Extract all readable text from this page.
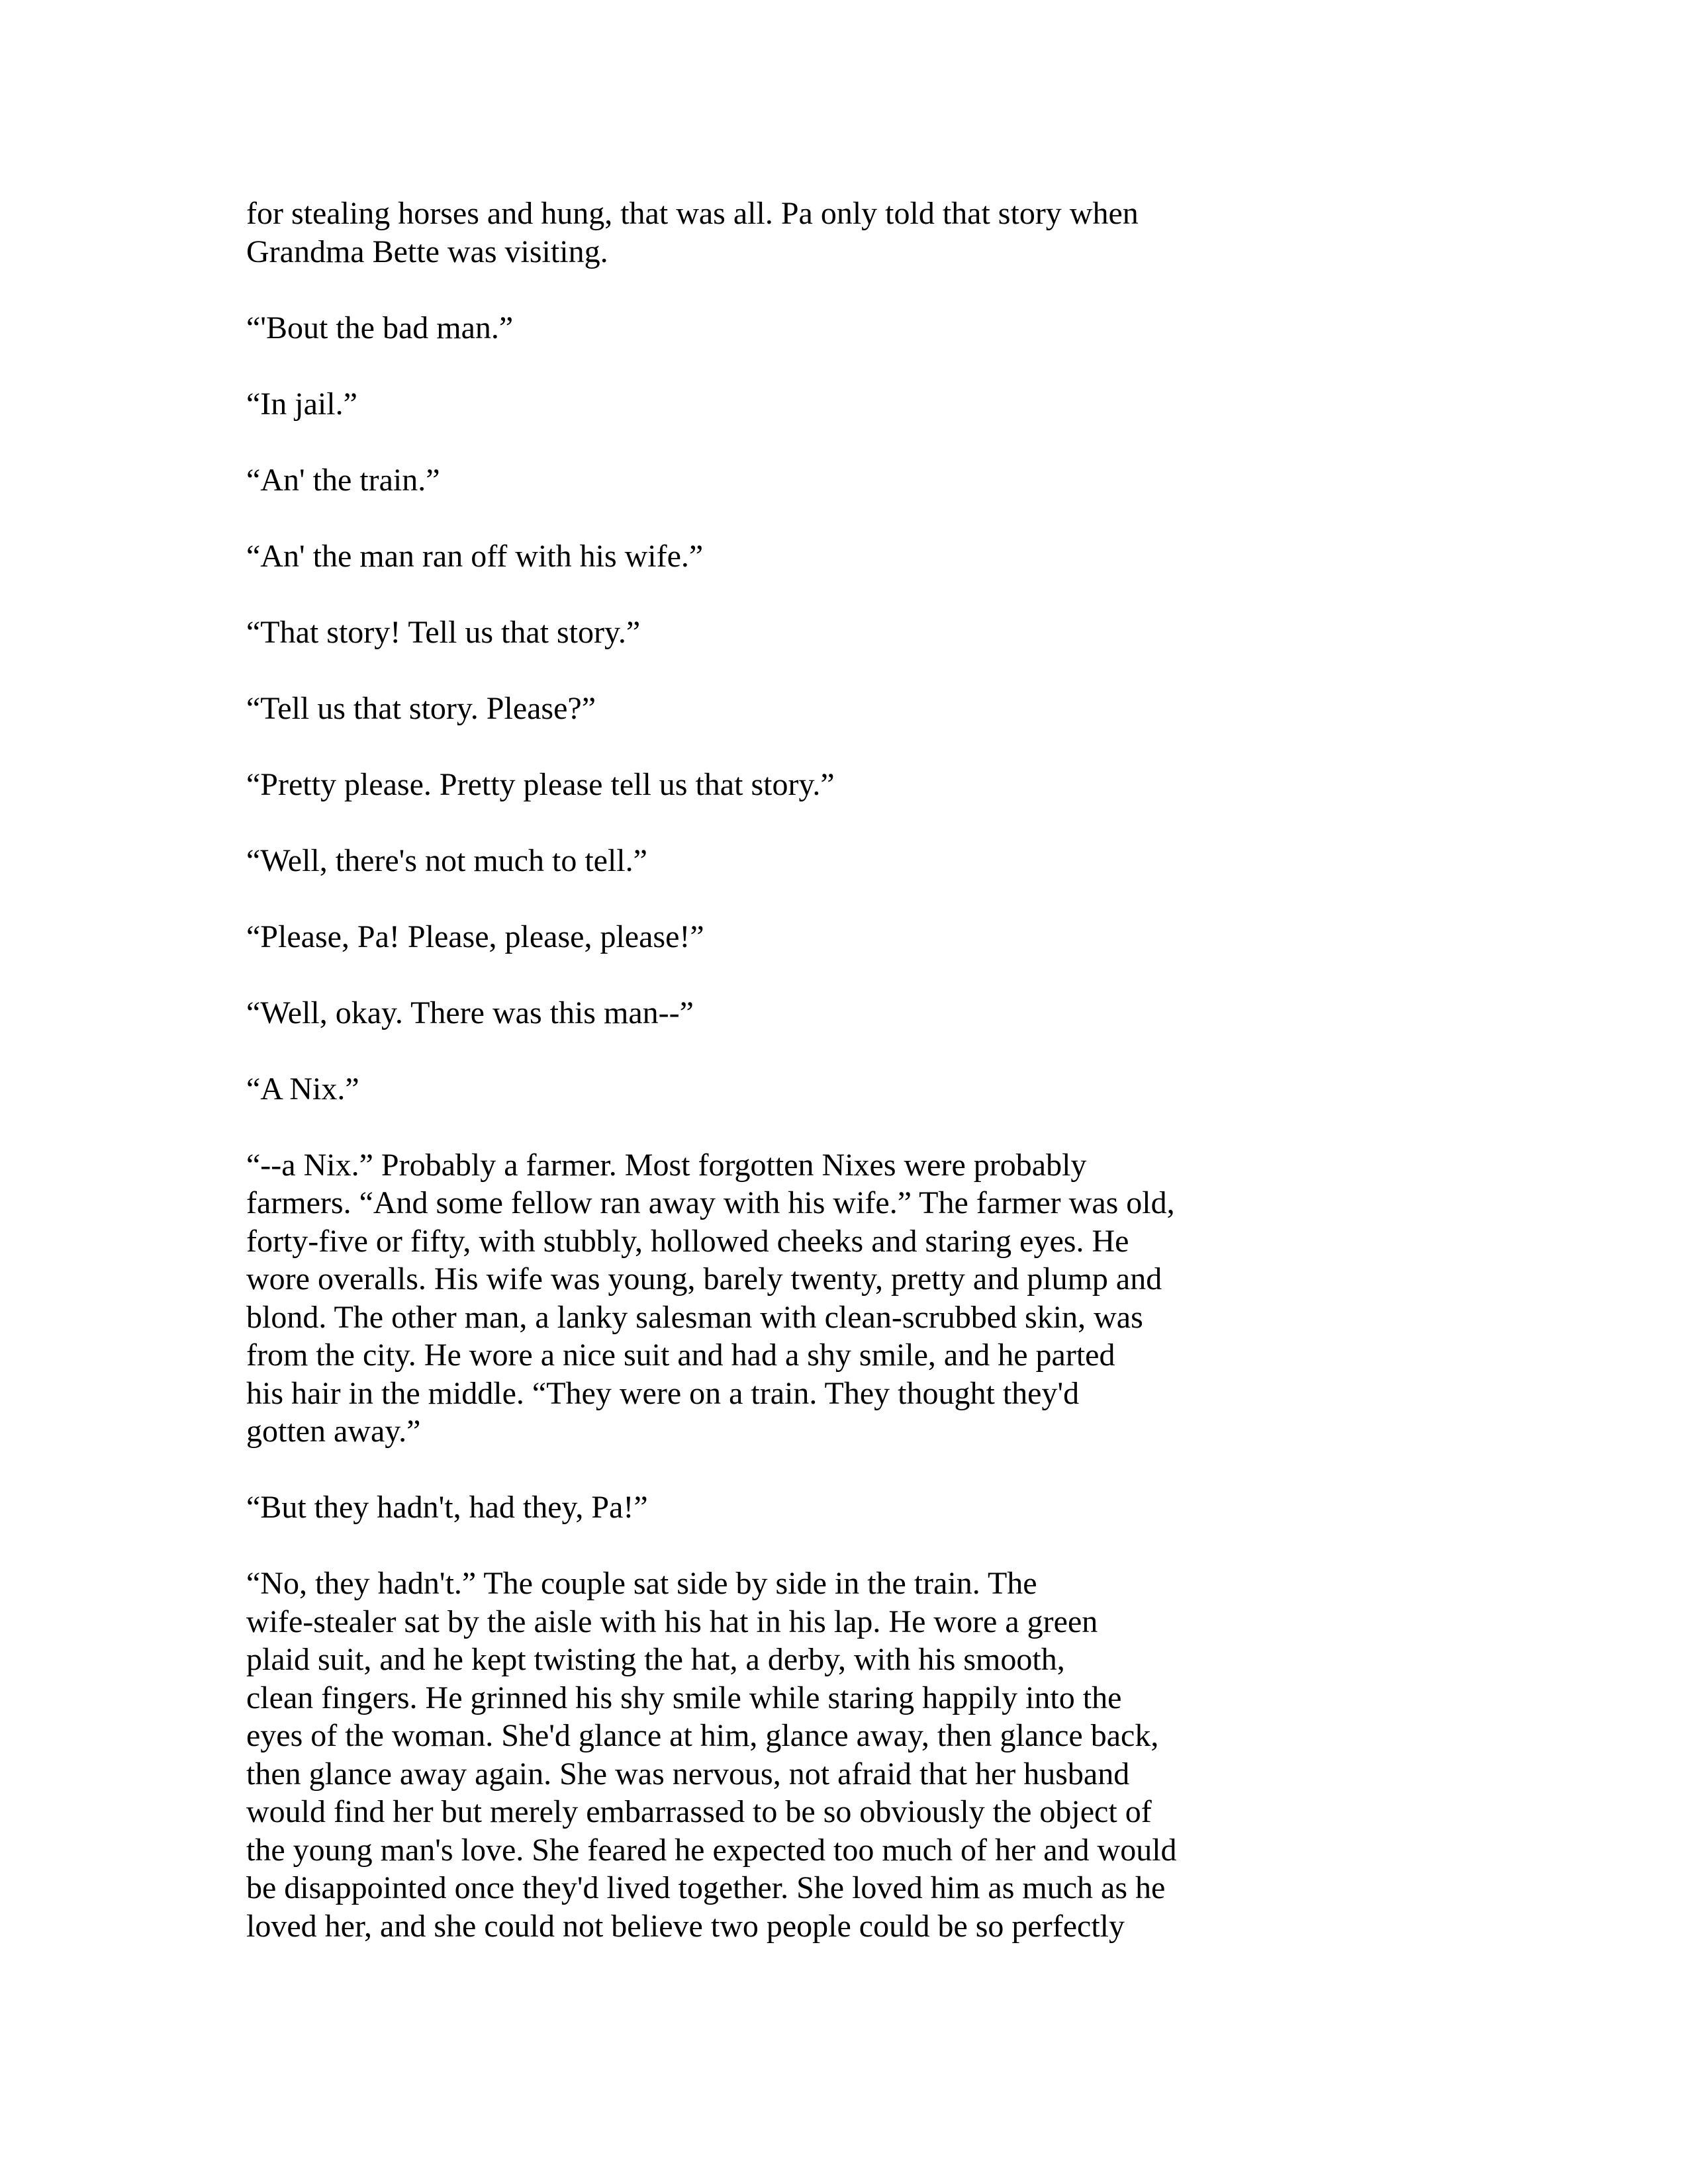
for stealing horses and hung, that was all. Pa only told that story when
Grandma Bette was visiting.

“'Bout the bad man.”

“In jail.”

“An' the train.”

“An' the man ran off with his wife.”

“That story! Tell us that story.”

“Tell us that story. Please?”

“Pretty please. Pretty please tell us that story.”

“Well, there's not much to tell.”

“Please, Pa! Please, please, please!”

“Well, okay. There was this man--”

“A Nix.”

“--a Nix.” Probably a farmer. Most forgotten Nixes were probably
farmers. “And some fellow ran away with his wife.” The farmer was old,
forty-five or fifty, with stubbly, hollowed cheeks and staring eyes. He
wore overalls. His wife was young, barely twenty, pretty and plump and
blond. The other man, a lanky salesman with clean-scrubbed skin, was
from the city. He wore a nice suit and had a shy smile, and he parted
his hair in the middle. “They were on a train. They thought they'd
gotten away.”

“But they hadn't, had they, Pa!”

“No, they hadn't.” The couple sat side by side in the train. The
wife-stealer sat by the aisle with his hat in his lap. He wore a green
plaid suit, and he kept twisting the hat, a derby, with his smooth,
clean fingers. He grinned his shy smile while staring happily into the
eyes of the woman. She'd glance at him, glance away, then glance back,
then glance away again. She was nervous, not afraid that her husband
would find her but merely embarrassed to be so obviously the object of
the young man's love. She feared he expected too much of her and would
be disappointed once they'd lived together. She loved him as much as he
loved her, and she could not believe two people could be so perfectly
